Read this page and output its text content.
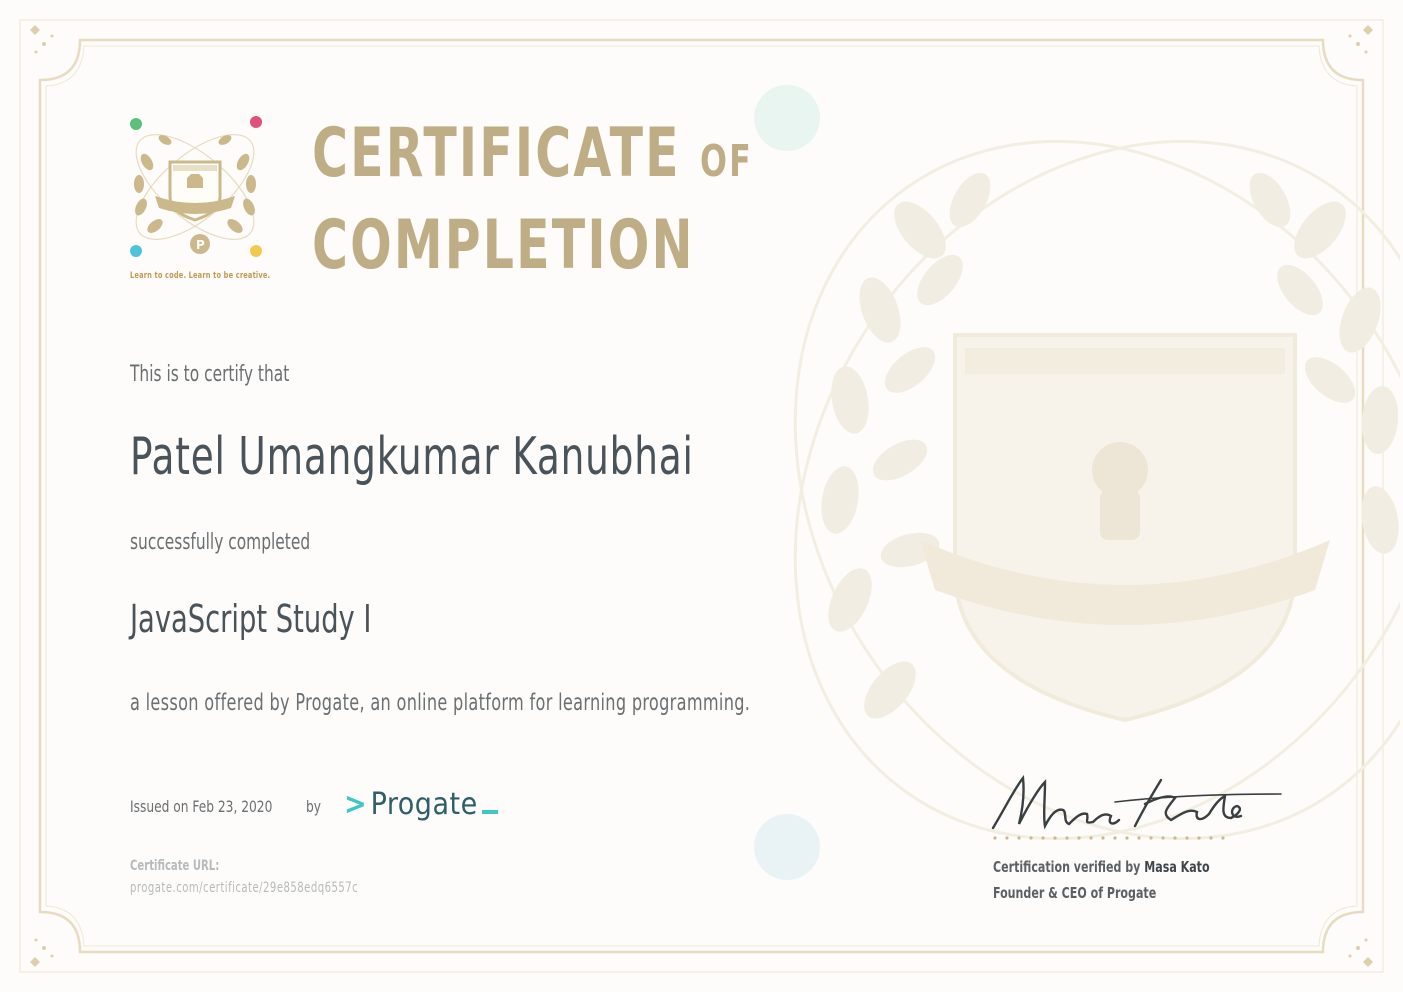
P
Learn to code. Learn to be creative.
CERTIFICATE OF
COMPLETION
This is to certify that
Patel Umangkumar Kanubhai
successfully completed
JavaScript Study I
a lesson offered by Progate, an online platform for learning programming.
Issued on Feb 23, 2020 by > Progate
Certificate URL:
progate.com/certificate/29e858edq6557c
Certification verified by Masa Kato
Founder & CEO of Progate
